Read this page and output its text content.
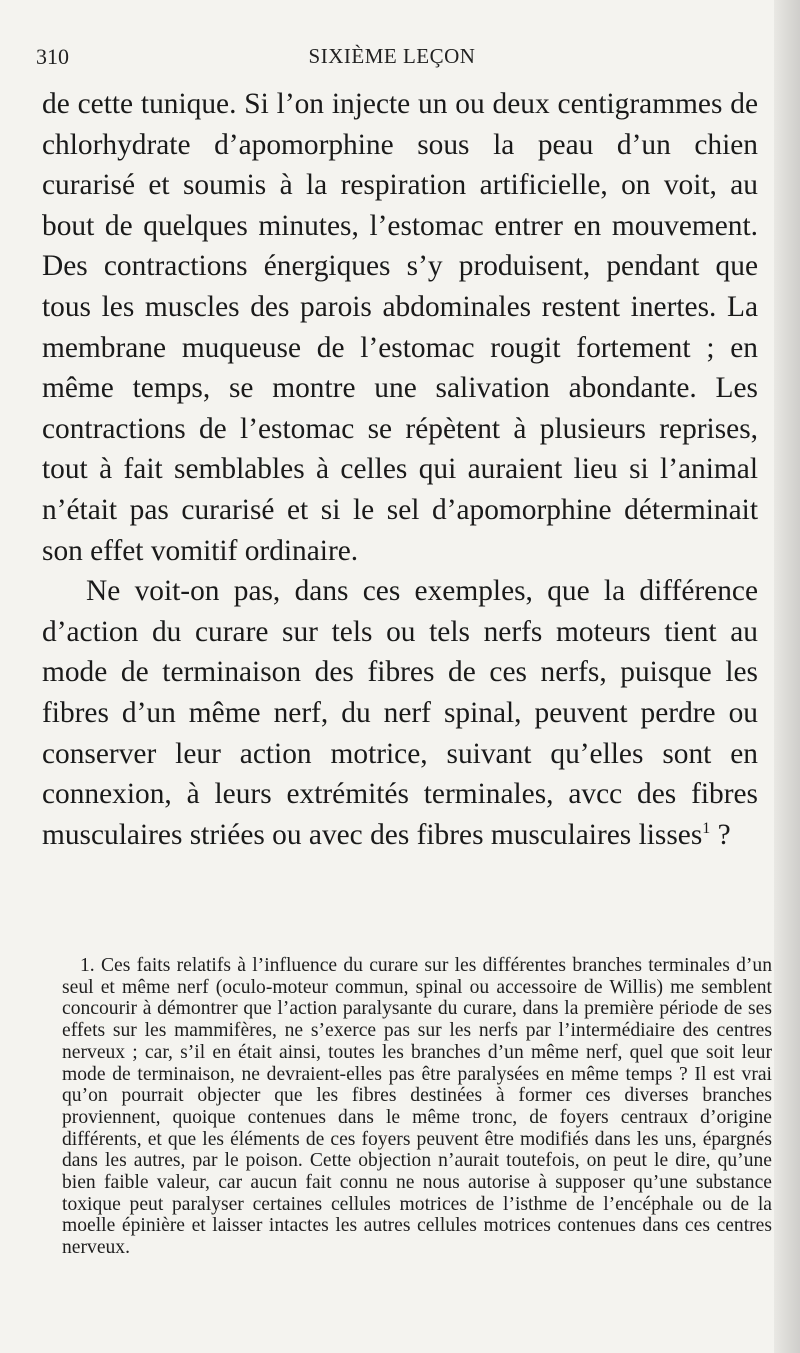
310	SIXIÈME LEÇON

de cette tunique. Si l’on injecte un ou deux centigrammes de chlorhydrate d’apomorphine sous la peau d’un chien curarisé et soumis à la respiration artificielle, on voit, au bout de quelques minutes, l’estomac entrer en mouvement. Des contractions énergiques s’y produisent, pendant que tous les muscles des parois abdominales restent inertes. La membrane muqueuse de l’estomac rougit fortement ; en même temps, se montre une salivation abondante. Les contractions de l’estomac se répètent à plusieurs reprises, tout à fait semblables à celles qui auraient lieu si l’animal n’était pas curarisé et si le sel d’apomorphine déterminait son effet vomitif ordinaire.

Ne voit-on pas, dans ces exemples, que la différence d’action du curare sur tels ou tels nerfs moteurs tient au mode de terminaison des fibres de ces nerfs, puisque les fibres d’un même nerf, du nerf spinal, peuvent perdre ou conserver leur action motrice, suivant qu’elles sont en connexion, à leurs extrémités terminales, avcc des fibres musculaires striées ou avec des fibres musculaires lisses$^1$ ?

1. Ces faits relatifs à l’influence du curare sur les différentes branches terminales d’un seul et même nerf (oculo-moteur commun, spinal ou accessoire de Willis) me semblent concourir à démontrer que l’action paralysante du curare, dans la première période de ses effets sur les mammifères, ne s’exerce pas sur les nerfs par l’intermédiaire des centres nerveux ; car, s’il en était ainsi, toutes les branches d’un même nerf, quel que soit leur mode de terminaison, ne devraient-elles pas être paralysées en même temps ? Il est vrai qu’on pourrait objecter que les fibres destinées à former ces diverses branches proviennent, quoique contenues dans le même tronc, de foyers centraux d’origine différents, et que les éléments de ces foyers peuvent être modifiés dans les uns, épargnés dans les autres, par le poison. Cette objection n’aurait toutefois, on peut le dire, qu’une bien faible valeur, car aucun fait connu ne nous autorise à supposer qu’une substance toxique peut paralyser certaines cellules motrices de l’isthme de l’encéphale ou de la moelle épinière et laisser intactes les autres cellules motrices contenues dans ces centres nerveux.
